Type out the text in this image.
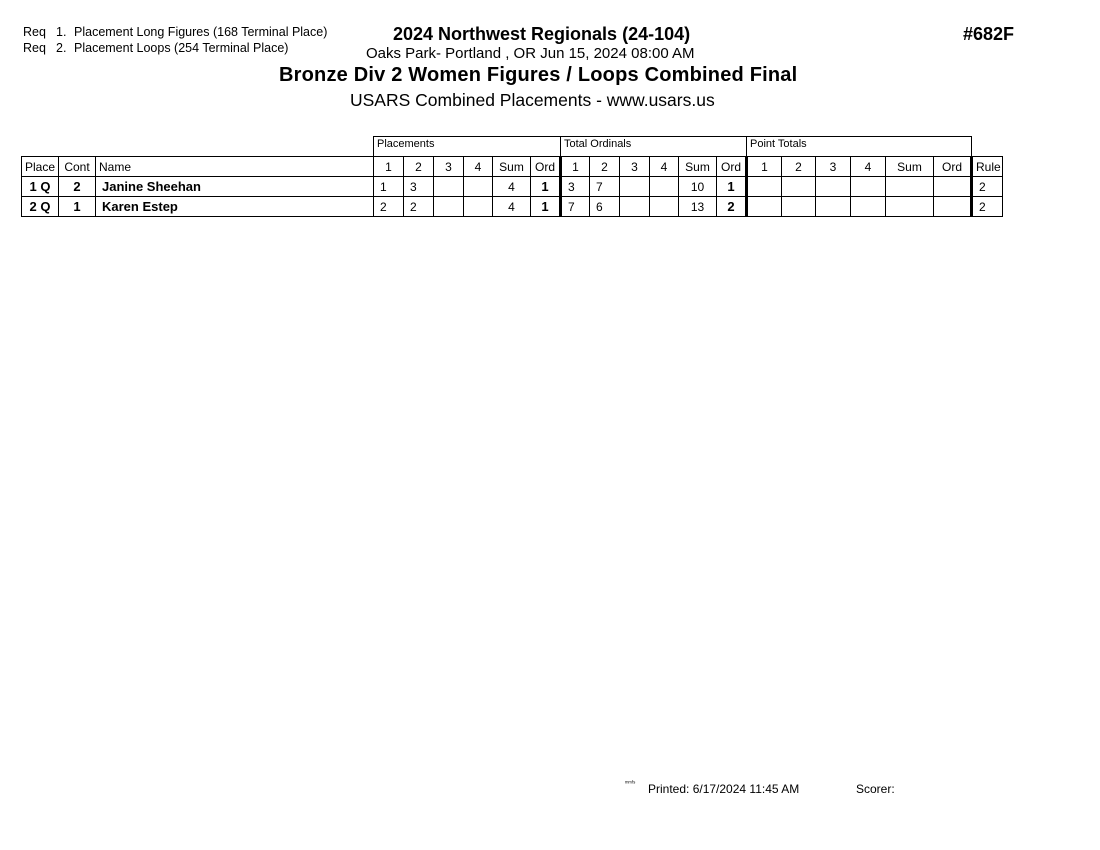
Req 1. Placement Long Figures (168 Terminal Place)
Req 2. Placement Loops (254 Terminal Place)
2024 Northwest Regionals (24-104)	#682F
Oaks Park- Portland , OR Jun 15, 2024 08:00 AM
Bronze Div 2 Women Figures / Loops Combined Final
USARS Combined Placements - www.usars.us
			Placements						Total Ordinals						Point Totals						
Place	Cont	Name	1	2	3	4	Sum	Ord	1	2	3	4	Sum	Ord	1	2	3	4	Sum	Ord	Rule
1 Q	2	Janine Sheehan	1	3			4	1	3	7			10	1							2
2 Q	1	Karen Estep	2	2			4	1	7	6			13	2							2
ᵐᵐᶠˢ Printed: 6/17/2024 11:45 AM	Scorer:
